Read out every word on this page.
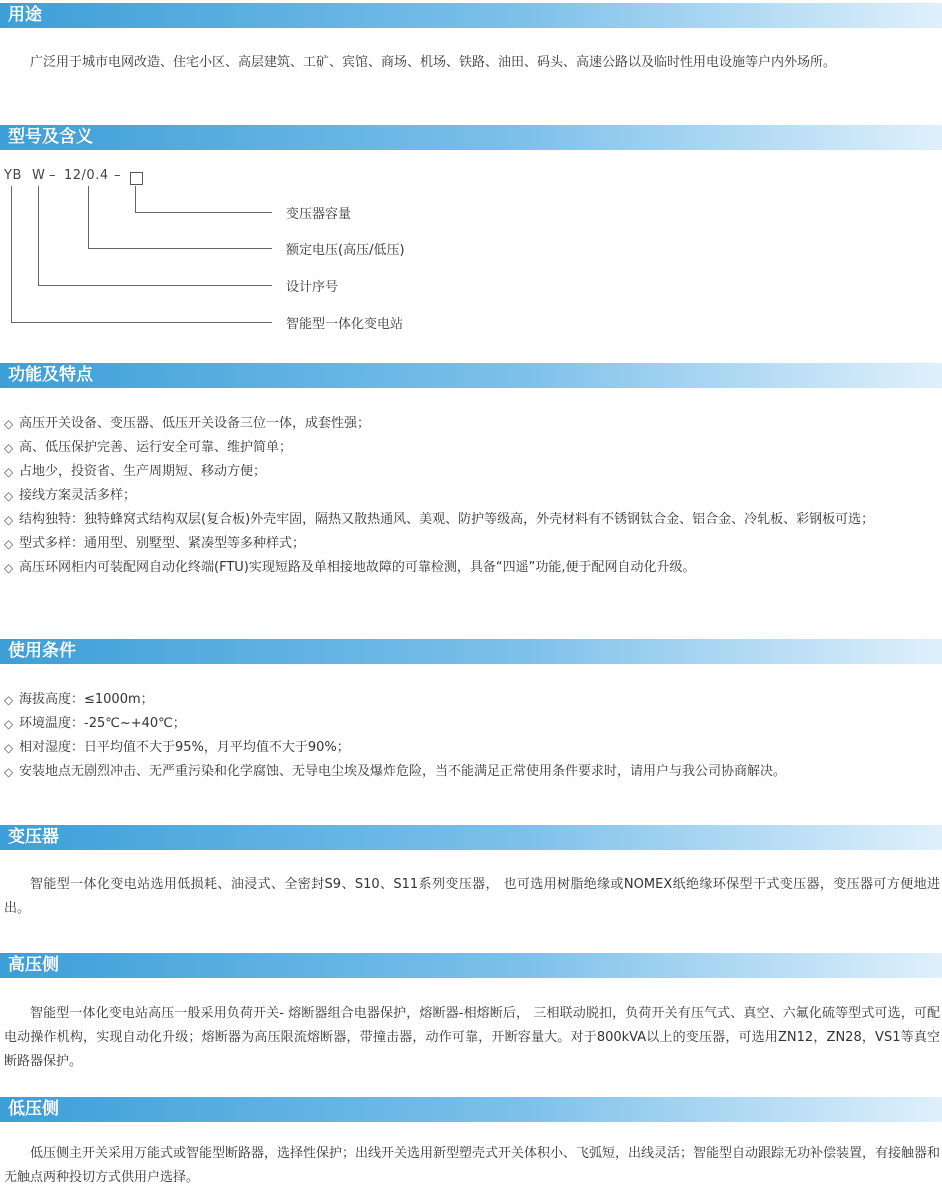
用途

广泛用于城市电网改造、住宅小区、高层建筑、工矿、宾馆、商场、机场、铁路、油田、码头、高速公路以及临时性用电设施等户内外场所。

型号及含义
YB W – 12/0.4 –
变压器容量
额定电压(高压/低压)
设计序号
智能型一体化变电站
功能及特点
◇ 高压开关设备、变压器、低压开关设备三位一体，成套性强；
◇ 高、低压保护完善、运行安全可靠、维护简单；
◇ 占地少，投资省、生产周期短、移动方便；
◇ 接线方案灵活多样；
◇ 结构独特：独特蜂窝式结构双层(复合板)外壳牢固，隔热又散热通风、美观、防护等级高，外壳材料有不锈钢钛合金、铝合金、冷轧板、彩钢板可选；
◇ 型式多样：通用型、别墅型、紧凑型等多种样式；
◇ 高压环网柜内可装配网自动化终端(FTU)实现短路及单相接地故障的可靠检测，具备“四遥”功能,便于配网自动化升级。
使用条件
◇ 海拔高度：≤1000m；
◇ 环境温度：-25℃~+40℃；
◇ 相对湿度：日平均值不大于95%，月平均值不大于90%；
◇ 安装地点无剧烈冲击、无严重污染和化学腐蚀、无导电尘埃及爆炸危险，当不能满足正常使用条件要求时，请用户与我公司协商解决。
变压器

智能型一体化变电站选用低损耗、油浸式、全密封S9、S10、S11系列变压器， 也可选用树脂绝缘或NOMEX纸绝缘环保型干式变压器，变压器可方便地进出。

高压侧

智能型一体化变电站高压一般采用负荷开关- 熔断器组合电器保护，熔断器-相熔断后， 三相联动脱扣，负荷开关有压气式、真空、六氟化硫等型式可选，可配电动操作机构，实现自动化升级；熔断器为高压限流熔断器，带撞击器，动作可靠，开断容量大。对于800kVA以上的变压器，可选用ZN12，ZN28，VS1等真空断路器保护。

低压侧

低压侧主开关采用万能式或智能型断路器，选择性保护；出线开关选用新型塑壳式开关体积小、飞弧短，出线灵活；智能型自动跟踪无功补偿装置，有接触器和无触点两种投切方式供用户选择。
